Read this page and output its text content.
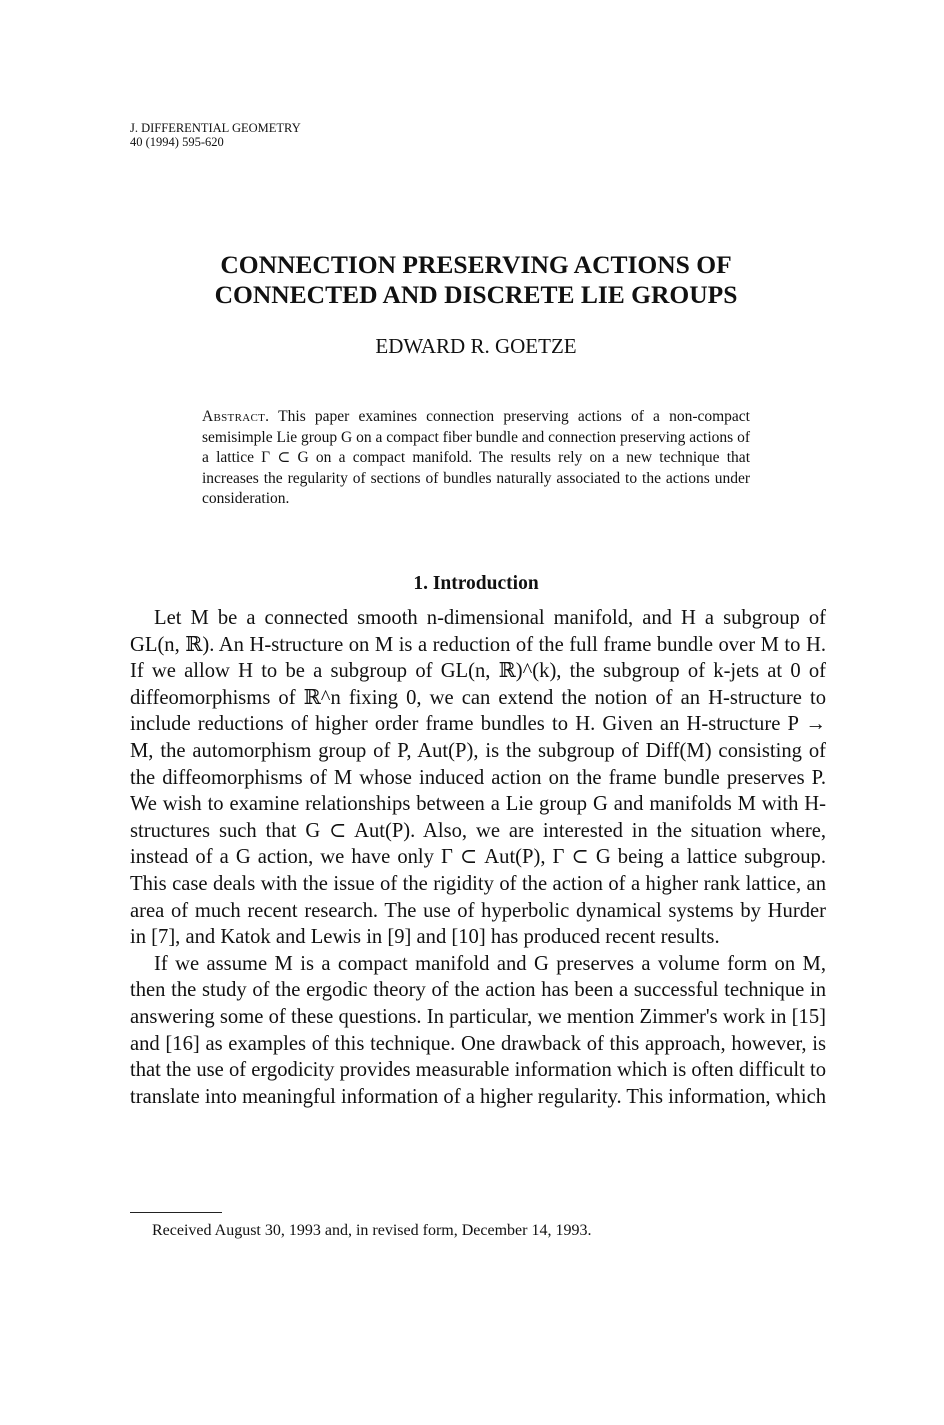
J. DIFFERENTIAL GEOMETRY
40 (1994) 595-620
CONNECTION PRESERVING ACTIONS OF
CONNECTED AND DISCRETE LIE GROUPS
EDWARD R. GOETZE
Abstract. This paper examines connection preserving actions of a non-compact semisimple Lie group G on a compact fiber bundle and connection preserving actions of a lattice Γ ⊂ G on a compact manifold. The results rely on a new technique that increases the regularity of sections of bundles naturally associated to the actions under consideration.
1. Introduction

Let M be a connected smooth n-dimensional manifold, and H a subgroup of GL(n, ℝ). An H-structure on M is a reduction of the full frame bundle over M to H. If we allow H to be a subgroup of GL(n, ℝ)^(k), the subgroup of k-jets at 0 of diffeomorphisms of ℝ^n fixing 0, we can extend the notion of an H-structure to include reductions of higher order frame bundles to H. Given an H-structure P → M, the automorphism group of P, Aut(P), is the subgroup of Diff(M) consisting of the diffeomorphisms of M whose induced action on the frame bundle preserves P. We wish to examine relationships between a Lie group G and manifolds M with H-structures such that G ⊂ Aut(P). Also, we are interested in the situation where, instead of a G action, we have only Γ ⊂ Aut(P), Γ ⊂ G being a lattice subgroup. This case deals with the issue of the rigidity of the action of a higher rank lattice, an area of much recent research. The use of hyperbolic dynamical systems by Hurder in [7], and Katok and Lewis in [9] and [10] has produced recent results.

If we assume M is a compact manifold and G preserves a volume form on M, then the study of the ergodic theory of the action has been a successful technique in answering some of these questions. In particular, we mention Zimmer's work in [15] and [16] as examples of this technique. One drawback of this approach, however, is that the use of ergodicity provides measurable information which is often difficult to translate into meaningful information of a higher regularity. This information, which

Received August 30, 1993 and, in revised form, December 14, 1993.
